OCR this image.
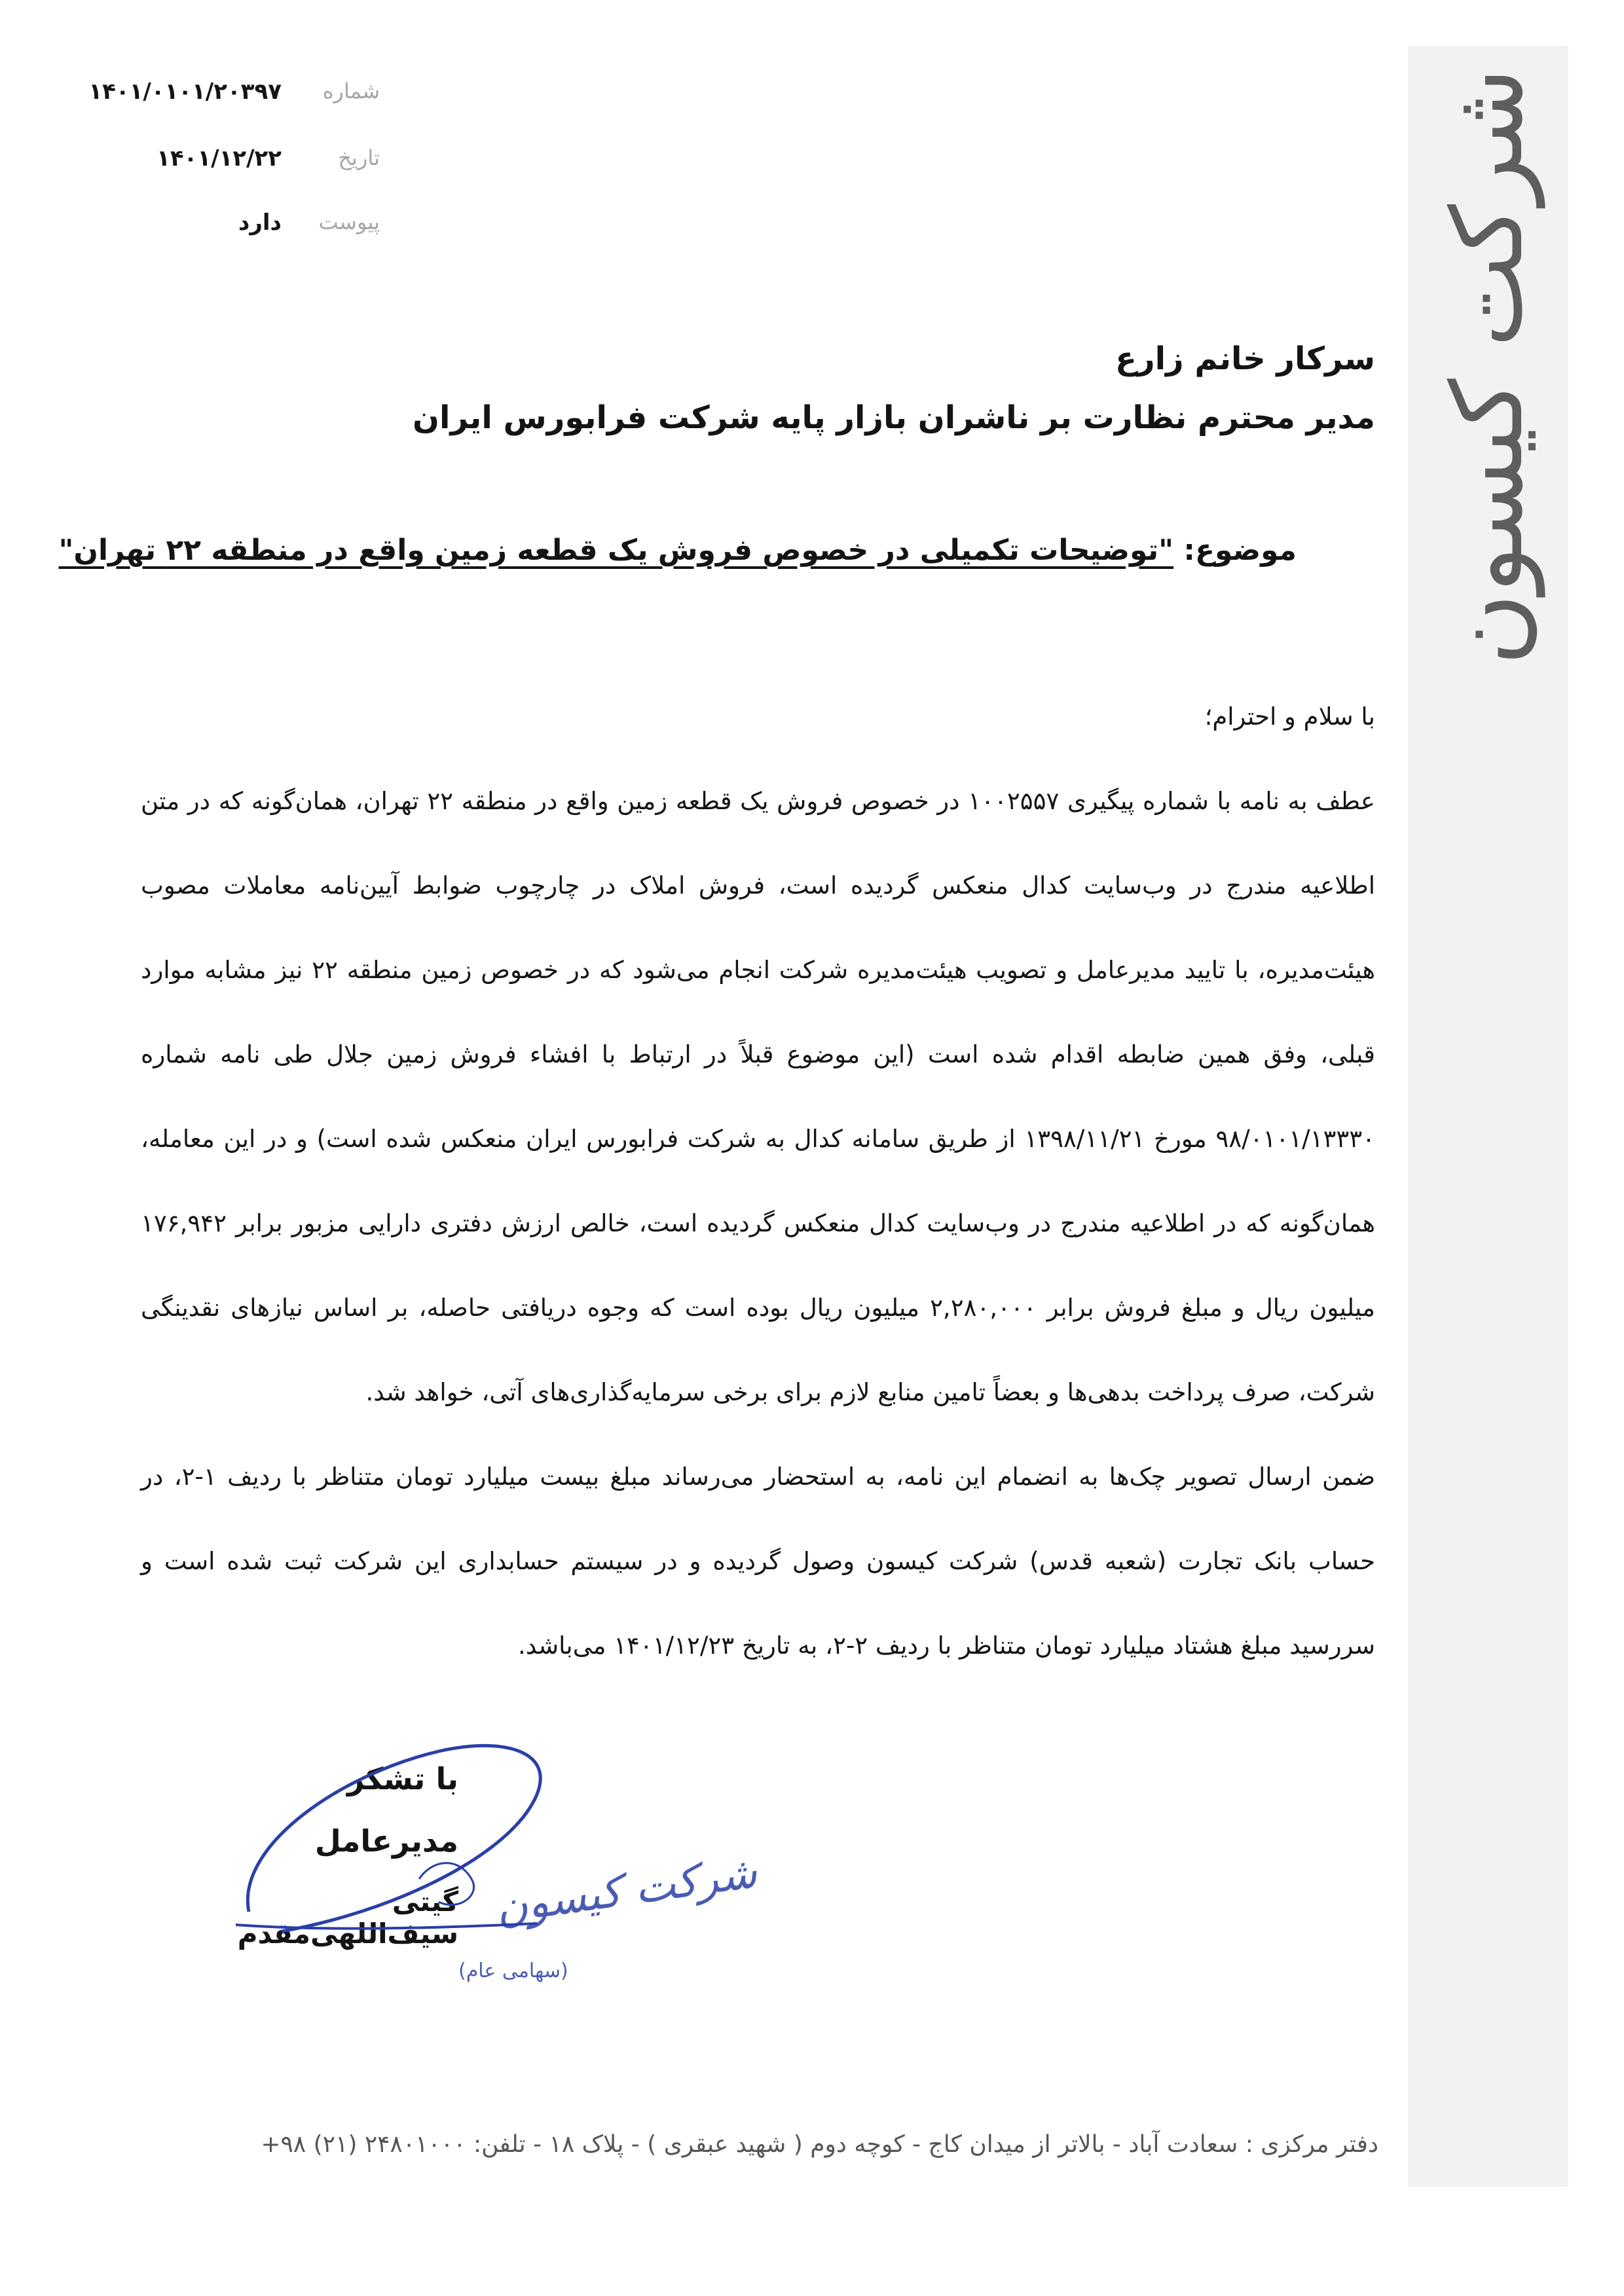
شرکت کیسون
شماره
۱۴۰۱/۰۱۰۱/۲۰۳۹۷
تاریخ
۱۴۰۱/۱۲/۲۲
پیوست
دارد
سرکار خانم زارع
مدیر محترم نظارت بر ناشران بازار پایه شرکت فرابورس ایران
موضوع: "توضیحات تکمیلی در خصوص فروش یک قطعه زمین واقع در منطقه ۲۲ تهران"

با سلام و احترام؛

عطف به نامه با شماره پیگیری ۱۰۰۲۵۵۷ در خصوص فروش یک قطعه زمین واقع در منطقه ۲۲ تهران، همان‌گونه که در متن اطلاعیه مندرج در وب‌سایت کدال منعکس گردیده است، فروش املاک در چارچوب ضوابط آیین‌نامه معاملات مصوب هیئت‌مدیره، با تایید مدیرعامل و تصویب هیئت‌مدیره شرکت انجام می‌شود که در خصوص زمین منطقه ۲۲ نیز مشابه موارد قبلی، وفق همین ضابطه اقدام شده است (این موضوع قبلاً در ارتباط با افشاء فروش زمین جلال طی نامه شماره ۹۸/۰۱۰۱/۱۳۳۳۰ مورخ ۱۳۹۸/۱۱/۲۱ از طریق سامانه کدال به شرکت فرابورس ایران منعکس شده است) و در این معامله، همان‌گونه که در اطلاعیه مندرج در وب‌سایت کدال منعکس گردیده است، خالص ارزش دفتری دارایی مزبور برابر ۱۷۶,۹۴۲ میلیون ریال و مبلغ فروش برابر ۲,۲۸۰,۰۰۰ میلیون ریال بوده است که وجوه دریافتی حاصله، بر اساس نیازهای نقدینگی شرکت، صرف پرداخت بدهی‌ها و بعضاً تامین منابع لازم برای برخی سرمایه‌گذاری‌های آتی، خواهد شد.

ضمن ارسال تصویر چک‌ها به انضمام این نامه، به استحضار می‌رساند مبلغ بیست میلیارد تومان متناظر با ردیف ۱-۲، در حساب بانک تجارت (شعبه قدس) شرکت کیسون وصول گردیده و در سیستم حسابداری این شرکت ثبت شده است و سررسید مبلغ هشتاد میلیارد تومان متناظر با ردیف ۲-۲، به تاریخ ۱۴۰۱/۱۲/۲۳ می‌باشد.

با تشکر
مدیرعامل
گیتی سیف‌اللهی‌مقدم
شرکت کیسون
(سهامی عام)
دفتر مرکزی : سعادت آباد - بالاتر از میدان کاج - کوچه دوم ( شهید عبقری ) - پلاک ۱۸ - تلفن: ۲۴۸۰۱۰۰۰ (۲۱) ۹۸+
